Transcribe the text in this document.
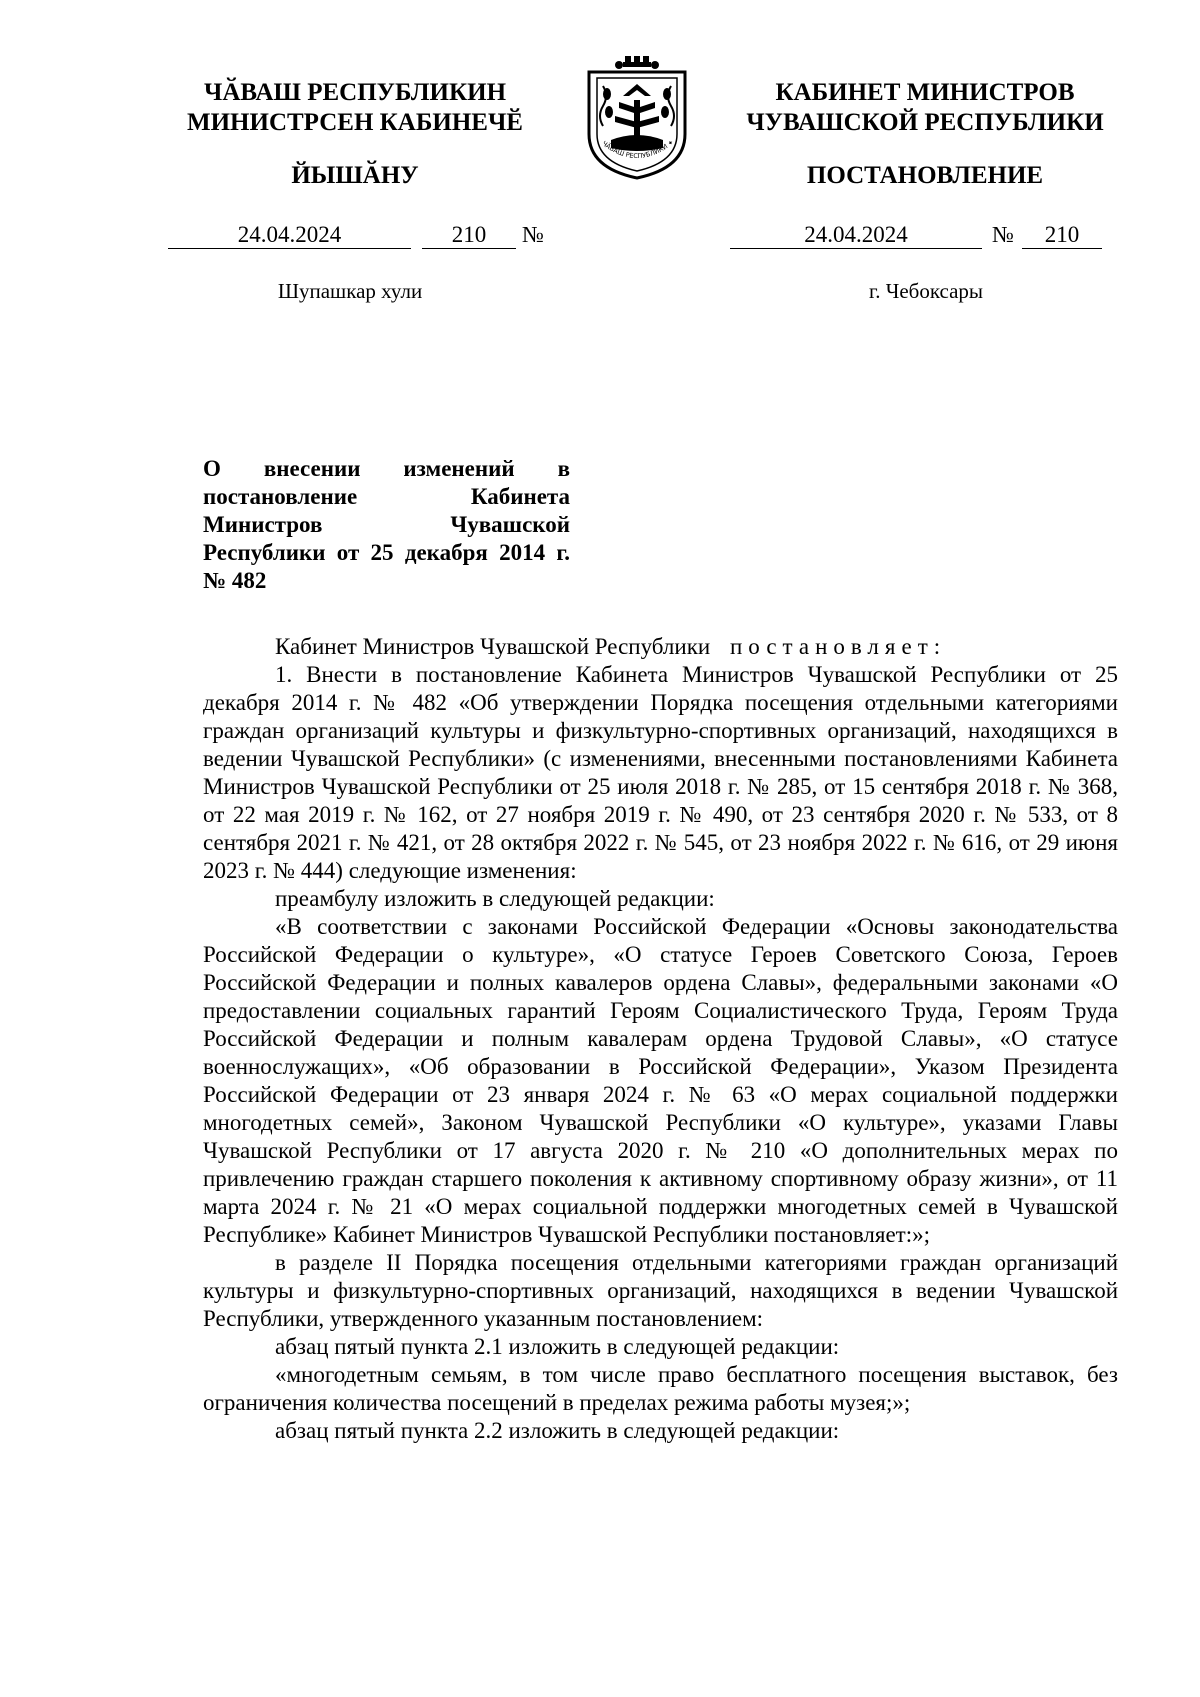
ЧӐВАШ РЕСПУБЛИКИН
МИНИСТРСЕН КАБИНЕЧӖ
ЙЫШӐНУ
24.04.2024	210	№
Шупашкар хули
ЧӐВАШ РЕСПУБЛИКИ ✦
КАБИНЕТ МИНИСТРОВ
ЧУВАШСКОЙ РЕСПУБЛИКИ
ПОСТАНОВЛЕНИЕ
24.04.2024	№	210
г. Чебоксары
О внесении изменений в постановление Кабинета Министров Чувашской Республики от 25 декабря 2014 г. № 482

Кабинет Министров Чувашской Республики постановляет:

1. Внести в постановление Кабинета Министров Чувашской Республики от 25 декабря 2014 г. № 482 «Об утверждении Порядка посещения отдельными категориями граждан организаций культуры и физкультурно-спортивных организаций, находящихся в ведении Чувашской Республики» (с изменениями, внесенными постановлениями Кабинета Министров Чувашской Республики от 25 июля 2018 г. № 285, от 15 сентября 2018 г. № 368, от 22 мая 2019 г. № 162, от 27 ноября 2019 г. № 490, от 23 сентября 2020 г. № 533, от 8 сентября 2021 г. № 421, от 28 октября 2022 г. № 545, от 23 ноября 2022 г. № 616, от 29 июня 2023 г. № 444) следующие изменения:

преамбулу изложить в следующей редакции:

«В соответствии с законами Российской Федерации «Основы законодательства Российской Федерации о культуре», «О статусе Героев Советского Союза, Героев Российской Федерации и полных кавалеров ордена Славы», федеральными законами «О предоставлении социальных гарантий Героям Социалистического Труда, Героям Труда Российской Федерации и полным кавалерам ордена Трудовой Славы», «О статусе военнослужащих», «Об образовании в Российской Федерации», Указом Президента Российской Федерации от 23 января 2024 г. № 63 «О мерах социальной поддержки многодетных семей», Законом Чувашской Республики «О культуре», указами Главы Чувашской Республики от 17 августа 2020 г. № 210 «О дополнительных мерах по привлечению граждан старшего поколения к активному спортивному образу жизни», от 11 марта 2024 г. № 21 «О мерах социальной поддержки многодетных семей в Чувашской Республике» Кабинет Министров Чувашской Республики постановляет:»;

в разделе II Порядка посещения отдельными категориями граждан организаций культуры и физкультурно-спортивных организаций, находящихся в ведении Чувашской Республики, утвержденного указанным постановлением:

абзац пятый пункта 2.1 изложить в следующей редакции:

«многодетным семьям, в том числе право бесплатного посещения выставок, без ограничения количества посещений в пределах режима работы музея;»;

абзац пятый пункта 2.2 изложить в следующей редакции:
